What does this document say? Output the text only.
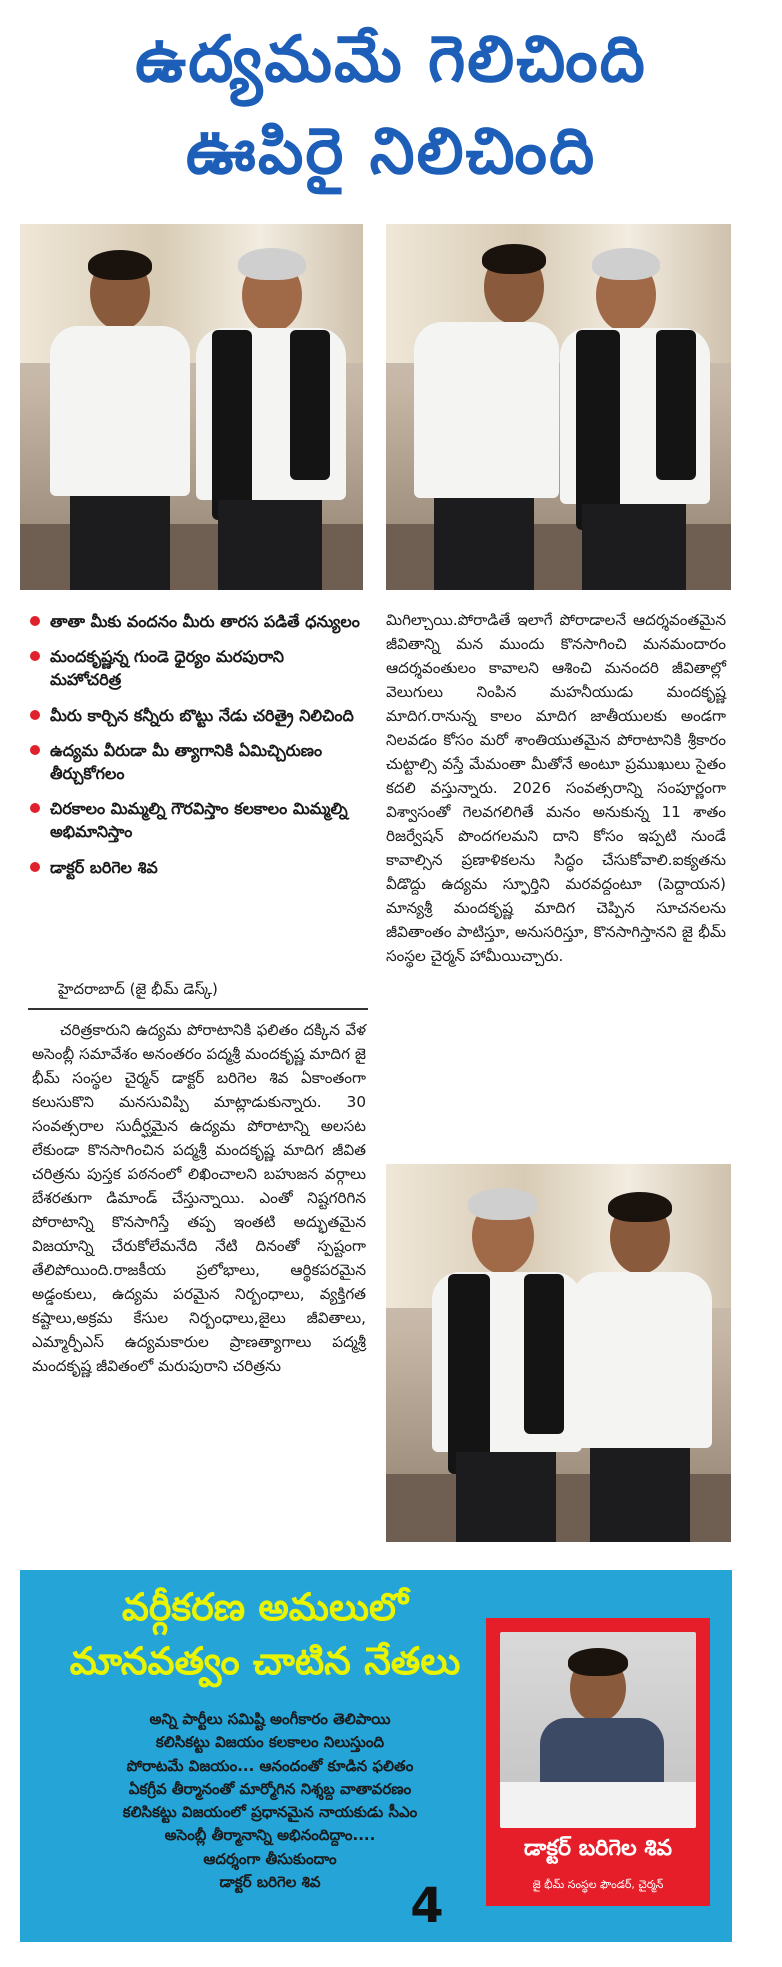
ఉద్యమమే గెలిచింది
ఊపిరై నిలిచింది
తాతా మీకు వందనం మీరు తారస పడితే ధన్యులం
మందకృష్ణన్న గుండె ధైర్యం మరపురాని మహోచరిత్ర
మీరు కార్చిన కన్నీరు బొట్టు నేడు చరిత్రై నిలిచింది
ఉద్యమ వీరుడా మీ త్యాగానికి ఏమిచ్చిరుణం తీర్చుకోగలం
చిరకాలం మిమ్మల్ని గౌరవిస్తాం కలకాలం మిమ్మల్ని అభిమానిస్తాం
డాక్టర్ బరిగెల శివ
హైదరాబాద్ (జై భీమ్ డెస్క్)
చరిత్రకారుని ఉద్యమ పోరాటానికి ఫలితం దక్కిన వేళ అసెంబ్లీ సమావేశం అనంతరం పద్మశ్రీ మందకృష్ణ మాదిగ జై భీమ్ సంస్థల చైర్మన్ డాక్టర్ బరిగెల శివ ఏకాంతంగా కలుసుకొని మనసువిప్పి మాట్లాడుకున్నారు. 30 సంవత్సరాల సుదీర్ఘమైన ఉద్యమ పోరాటాన్ని అలసట లేకుండా కొనసాగించిన పద్మశ్రీ మందకృష్ణ మాదిగ జీవిత చరిత్రను పుస్తక పఠనంలో లిఖించాలని బహుజన వర్గాలు బేశరతుగా డిమాండ్ చేస్తున్నాయి. ఎంతో నిష్టగరిగిన పోరాటాన్ని కొనసాగిస్తే తప్ప ఇంతటి అద్భుతమైన విజయాన్ని చేరుకోలేమనేది నేటి దినంతో స్పష్టంగా తేలిపోయింది.రాజకీయ ప్రలోభాలు, ఆర్థికపరమైన అడ్డంకులు, ఉద్యమ పరమైన నిర్బంధాలు, వ్యక్తిగత కష్టాలు,అక్రమ కేసుల నిర్బంధాలు,జైలు జీవితాలు, ఎమ్మార్పీఎస్ ఉద్యమకారుల ప్రాణత్యాగాలు పద్మశ్రీ మందకృష్ణ జీవితంలో మరుపురాని చరిత్రను
మిగిల్చాయి.పోరాడితే ఇలాగే పోరాడాలనే ఆదర్శవంతమైన జీవితాన్ని మన ముందు కొనసాగించి మనమందారం ఆదర్శవంతులం కావాలని ఆశించి మనందరి జీవితాల్లో వెలుగులు నింపిన మహనీయుడు మందకృష్ణ మాదిగ.రానున్న కాలం మాదిగ జాతీయులకు అండగా నిలవడం కోసం మరో శాంతియుతమైన పోరాటానికి శ్రీకారం చుట్టాల్సి వస్తే మేమంతా మీతోనే అంటూ ప్రముఖులు సైతం కదలి వస్తున్నారు. 2026 సంవత్సరాన్ని సంపూర్ణంగా విశ్వాసంతో గెలవగలిగితే మనం అనుకున్న 11 శాతం రిజర్వేషన్ పొందగలమని దాని కోసం ఇప్పటి నుండే కావాల్సిన ప్రణాళికలను సిద్ధం చేసుకోవాలి.ఐక్యతను వీడొద్దు ఉద్యమ స్ఫూర్తిని మరవద్దంటూ (పెద్దాయన) మాన్యశ్రీ మందకృష్ణ మాదిగ చెప్పిన సూచనలను జీవితాంతం పాటిస్తూ, అనుసరిస్తూ, కొనసాగిస్తానని జై భీమ్ సంస్థల చైర్మన్ హామీయిచ్చారు.
వర్గీకరణ అమలులో
మానవత్వం చాటిన నేతలు
అన్ని పార్టీలు సమిష్టి అంగీకారం తెలిపాయి
కలిసికట్టు విజయం కలకాలం నిలుస్తుంది
పోరాటమే విజయం... ఆనందంతో కూడిన ఫలితం
ఏకగ్రీవ తీర్మానంతో మార్మోగిన నిశ్శబ్ద వాతావరణం
కలిసికట్టు విజయంలో ప్రధానమైన నాయకుడు సీఎం
అసెంబ్లీ తీర్మానాన్ని అభినందిద్దాం....
ఆదర్శంగా తీసుకుందాం
డాక్టర్ బరిగెల శివ	4
డాక్టర్ బరిగెల శివ
జై భీమ్ సంస్థల ఫౌండర్, చైర్మన్
